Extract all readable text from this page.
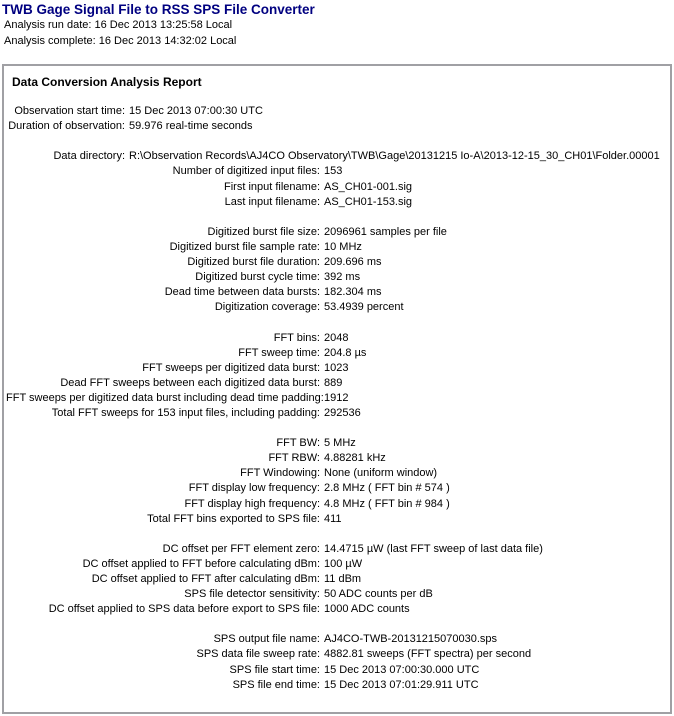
TWB Gage Signal File to RSS SPS File Converter
Analysis run date: 16 Dec 2013 13:25:58 Local
Analysis complete: 16 Dec 2013 14:32:02 Local
Data Conversion Analysis Report
Observation start time: 15 Dec 2013 07:00:30 UTC
Duration of observation: 59.976 real-time seconds
Data directory: R:\Observation Records\AJ4CO Observatory\TWB\Gage\20131215 Io-A\2013-12-15_30_CH01\Folder.00001
Number of digitized input files: 153
First input filename: AS_CH01-001.sig
Last input filename: AS_CH01-153.sig
Digitized burst file size: 2096961 samples per file
Digitized burst file sample rate: 10 MHz
Digitized burst file duration: 209.696 ms
Digitized burst cycle time: 392 ms
Dead time between data bursts: 182.304 ms
Digitization coverage: 53.4939 percent
FFT bins: 2048
FFT sweep time: 204.8 µs
FFT sweeps per digitized data burst: 1023
Dead FFT sweeps between each digitized data burst: 889
FFT sweeps per digitized data burst including dead time padding: 1912
Total FFT sweeps for 153 input files, including padding: 292536
FFT BW: 5 MHz
FFT RBW: 4.88281 kHz
FFT Windowing: None (uniform window)
FFT display low frequency: 2.8 MHz ( FFT bin # 574 )
FFT display high frequency: 4.8 MHz ( FFT bin # 984 )
Total FFT bins exported to SPS file: 411
DC offset per FFT element zero: 14.4715 µW (last FFT sweep of last data file)
DC offset applied to FFT before calculating dBm: 100 µW
DC offset applied to FFT after calculating dBm: 11 dBm
SPS file detector sensitivity: 50 ADC counts per dB
DC offset applied to SPS data before export to SPS file: 1000 ADC counts
SPS output file name: AJ4CO-TWB-20131215070030.sps
SPS data file sweep rate: 4882.81 sweeps (FFT spectra) per second
SPS file start time: 15 Dec 2013 07:00:30.000 UTC
SPS file end time: 15 Dec 2013 07:01:29.911 UTC
